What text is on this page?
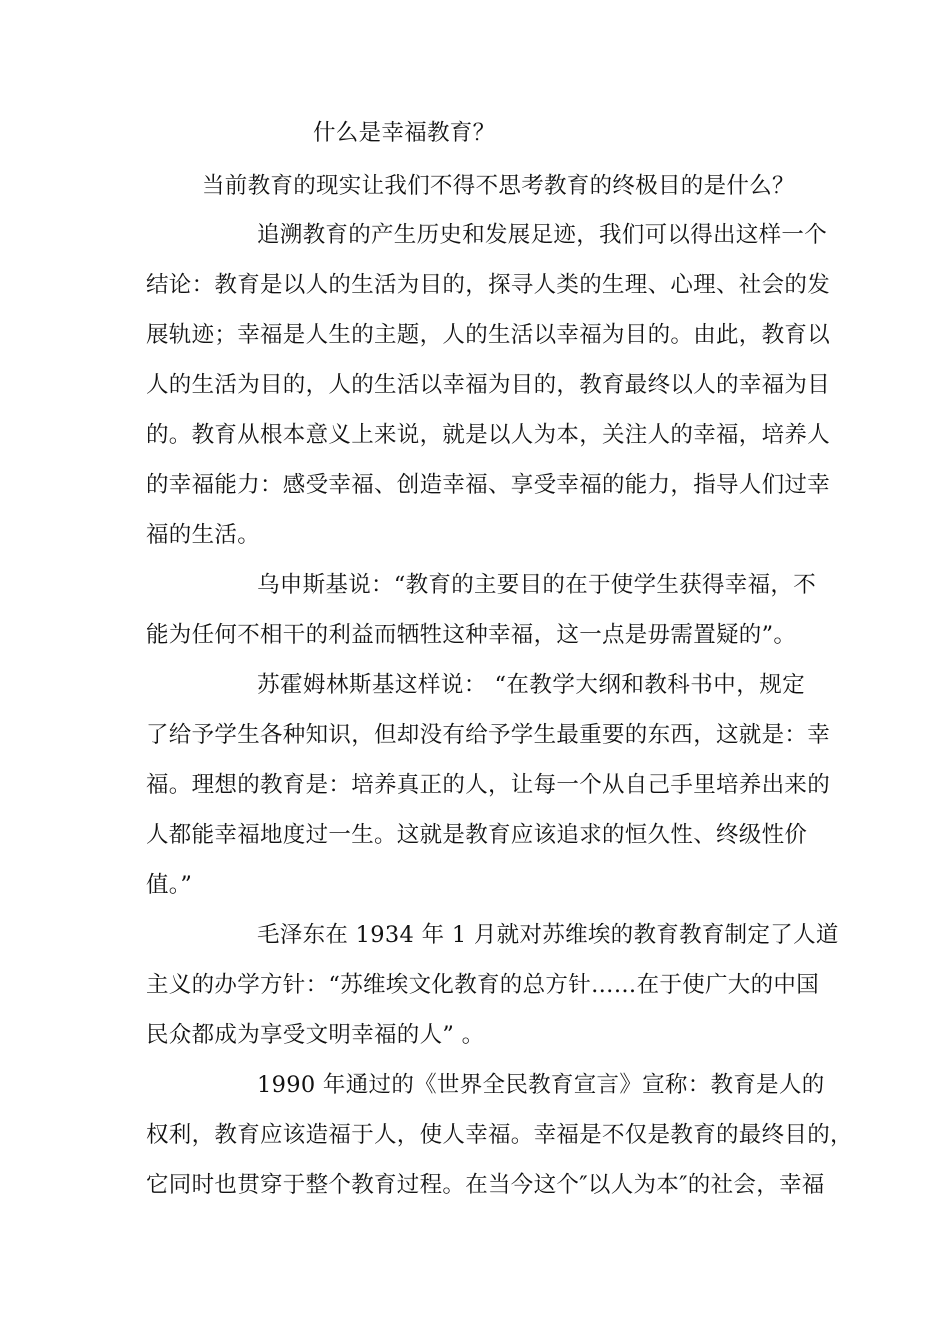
什么是幸福教育？
当前教育的现实让我们不得不思考教育的终极目的是什么？
追溯教育的产生历史和发展足迹，我们可以得出这样一个
结论：教育是以人的生活为目的，探寻人类的生理、心理、社会的发
展轨迹；幸福是人生的主题，人的生活以幸福为目的。由此，教育以
人的生活为目的，人的生活以幸福为目的，教育最终以人的幸福为目
的。教育从根本意义上来说，就是以人为本，关注人的幸福，培养人
的幸福能力：感受幸福、创造幸福、享受幸福的能力，指导人们过幸
福的生活。
乌申斯基说：“教育的主要目的在于使学生获得幸福，不
能为任何不相干的利益而牺牲这种幸福，这一点是毋需置疑的”。
苏霍姆林斯基这样说： “在教学大纲和教科书中，规定
了给予学生各种知识，但却没有给予学生最重要的东西，这就是：幸
福。理想的教育是：培养真正的人，让每一个从自己手里培养出来的
人都能幸福地度过一生。这就是教育应该追求的恒久性、终级性价
值。”
毛泽东在 1934 年 1 月就对苏维埃的教育教育制定了人道
主义的办学方针：“苏维埃文化教育的总方针……在于使广大的中国
民众都成为享受文明幸福的人” 。
1990 年通过的《世界全民教育宣言》宣称：教育是人的
权利，教育应该造福于人，使人幸福。幸福是不仅是教育的最终目的，
它同时也贯穿于整个教育过程。在当今这个″以人为本″的社会，幸福
